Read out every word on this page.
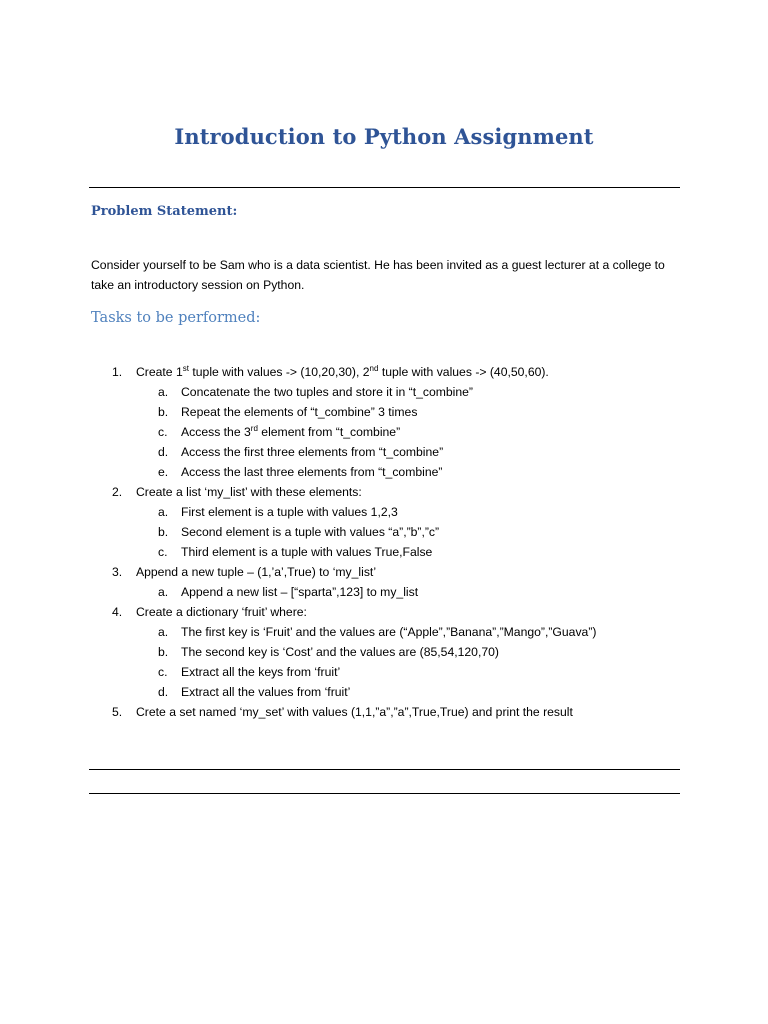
Introduction to Python Assignment
Problem Statement:
Consider yourself to be Sam who is a data scientist. He has been invited as a guest lecturer at a college to take an introductory session on Python.
Tasks to be performed:
1. Create 1st tuple with values -> (10,20,30), 2nd tuple with values -> (40,50,60).
a. Concatenate the two tuples and store it in “t_combine”
b. Repeat the elements of “t_combine” 3 times
c. Access the 3rd element from “t_combine”
d. Access the first three elements from “t_combine”
e. Access the last three elements from “t_combine”
2. Create a list ‘my_list’ with these elements:
a. First element is a tuple with values 1,2,3
b. Second element is a tuple with values “a”,”b”,”c”
c. Third element is a tuple with values True,False
3. Append a new tuple – (1,’a’,True) to ‘my_list’
a. Append a new list – [“sparta”,123] to my_list
4. Create a dictionary ‘fruit’ where:
a. The first key is ‘Fruit’ and the values are (“Apple”,”Banana”,”Mango”,”Guava”)
b. The second key is ‘Cost’ and the values are (85,54,120,70)
c. Extract all the keys from ‘fruit’
d. Extract all the values from ‘fruit’
5. Crete a set named ‘my_set’ with values (1,1,”a”,”a”,True,True) and print the result
